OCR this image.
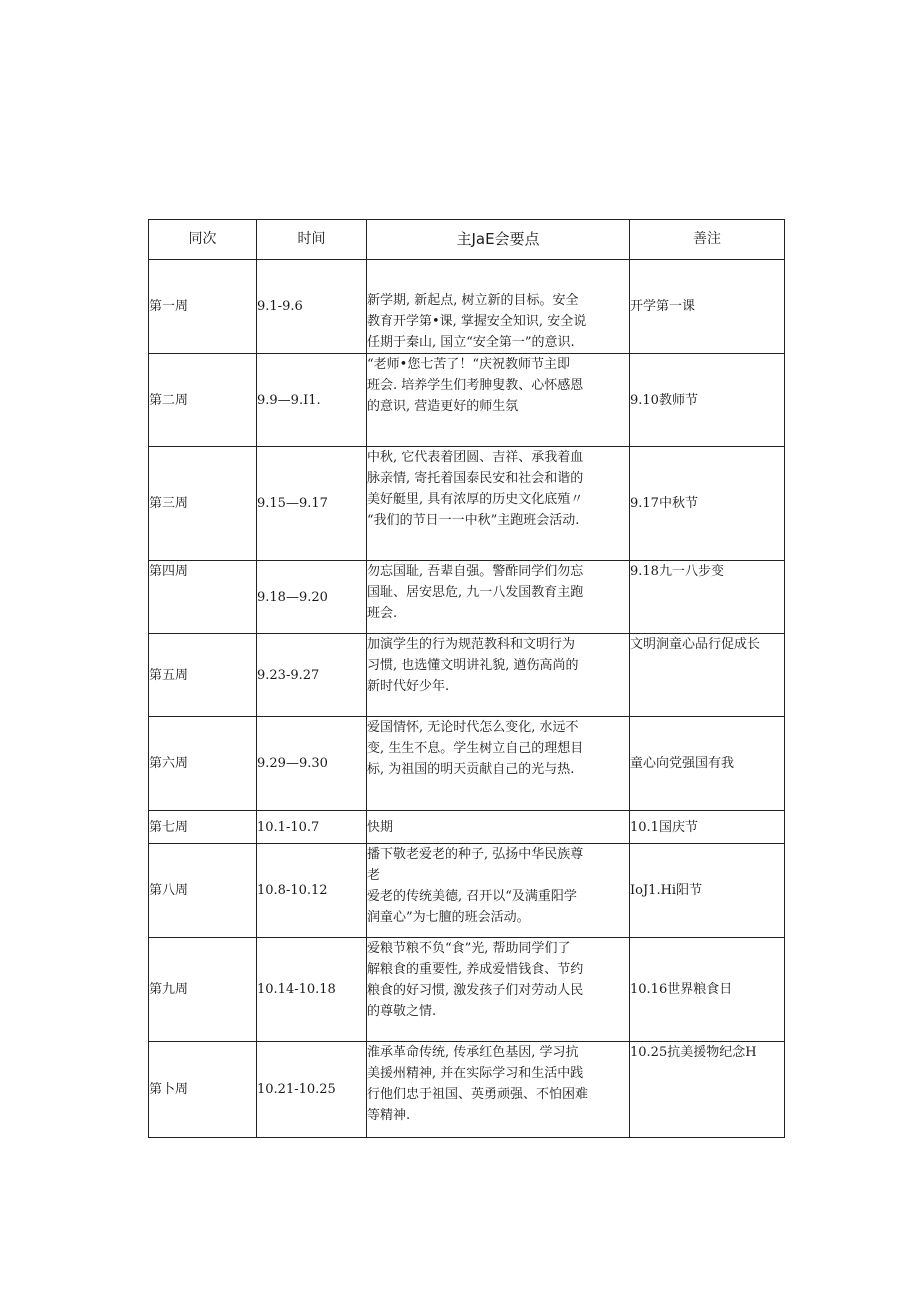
同次	时间	主JaE会要点	善注
第一周	9.1-9.6	新学期, 新起点, 树立新的目标。安全
教育开学第•课, 掌握安全知识, 安全说
任期于秦山, 国立“安全第一”的意识.	开学第一课
第二周	9.9—9.I1.	“老师•您七苦了！“庆祝教师节主即
班会. 培养学生们考胂叟教、心怀感恩
的意识, 营造更好的师生氛	9.10教师节
第三周	9.15—9.17	中秋, 它代表着团圆、吉祥、承我着血
脉亲情, 寄托着国泰民安和社会和谐的
美好艇里, 具有浓厚的历史文化底殖〃
“我们的节日一一中秋”主跑班会活动.	9.17中秋节
第四周	9.18—9.20	勿忘国耻, 吾辈自强。警酢同学们勿忘
国耻、居安思危, 九一八发国教育主跑
班会.	9.18九一八步变
第五周	9.23-9.27	加演学生的行为规范教科和文明行为
习惯, 也选懂文明讲礼貌, 遒伤高尚的
新时代好少年.	文明涧童心品行促成长
第六周	9.29—9.30	爱国情怀, 无论时代怎么变化, 水远不
变, 生生不息。学生树立自己的理想目
标, 为祖国的明天贡献自己的光与热.	童心向党强国有我
第七周	10.1-10.7	快期	10.1国庆节
第八周	10.8-10.12	播下敬老爱老的种子, 弘扬中华民族尊
老
爱老的传统美德, 召开以“及满重阳学
润童心”为七膻的班会活动。	IoJ1.Hi阳节
第九周	10.14-10.18	爱粮节粮不负“食”光, 帮助同学们了
解粮食的重要性, 养成爱惜钱食、节约
粮食的好习惯, 激发孩子们对劳动人民
的尊敬之情.	10.16世界粮食日
第卜周	10.21-10.25	淮承革命传统, 传承红色基因, 学习抗
美援州精神, 并在实际学习和生活中践
行他们忠于祖国、英勇顽强、不怕困难
等精神.	10.25抗美援物纪念H
